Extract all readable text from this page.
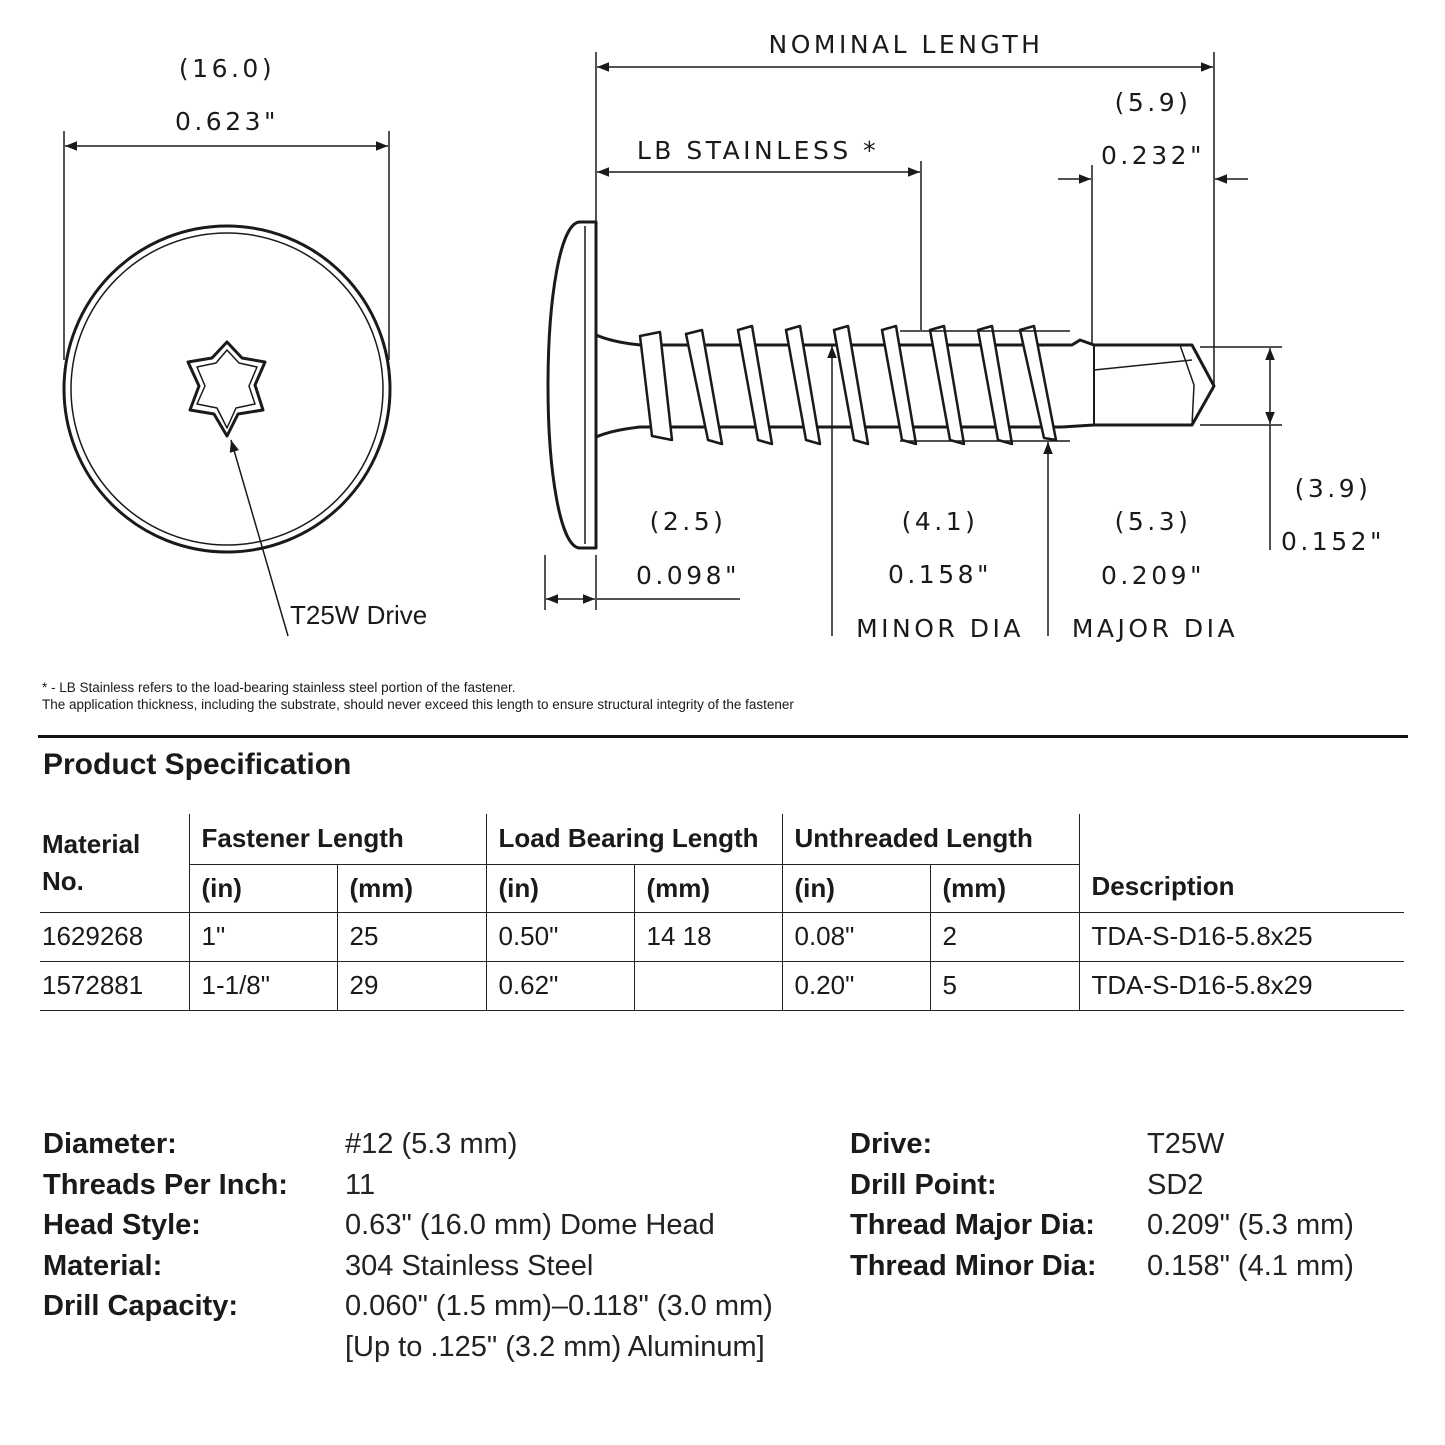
(16.0)
0.623"
T25W Drive
NOMINAL LENGTH
LB STAINLESS *
(5.9)
0.232"
(2.5)
0.098"
(4.1)
0.158"
MINOR DIA
(5.3)
0.209"
MAJOR DIA
(3.9)
0.152"
* - LB Stainless refers to the load-bearing stainless steel portion of the fastener.
The application thickness, including the substrate, should never exceed this length to ensure structural integrity of the fastener
Product Specification
Material No.	Fastener Length		Load Bearing Length		Unthreaded Length		Description
	(in)	(mm)	(in)	(mm)	(in)	(mm)	
1629268	1"	25	0.50"	14 18	0.08"	2	TDA-S-D16-5.8x25
1572881	1-1/8"	29	0.62"		0.20"	5	TDA-S-D16-5.8x29
Diameter:	#12 (5.3 mm)
Threads Per Inch:	11
Head Style:	0.63" (16.0 mm) Dome Head
Material:	304 Stainless Steel
Drill Capacity:	0.060" (1.5 mm)–0.118" (3.0 mm)
[Up to .125" (3.2 mm) Aluminum]
Drive:	T25W
Drill Point:	SD2
Thread Major Dia:	0.209" (5.3 mm)
Thread Minor Dia:	0.158" (4.1 mm)
